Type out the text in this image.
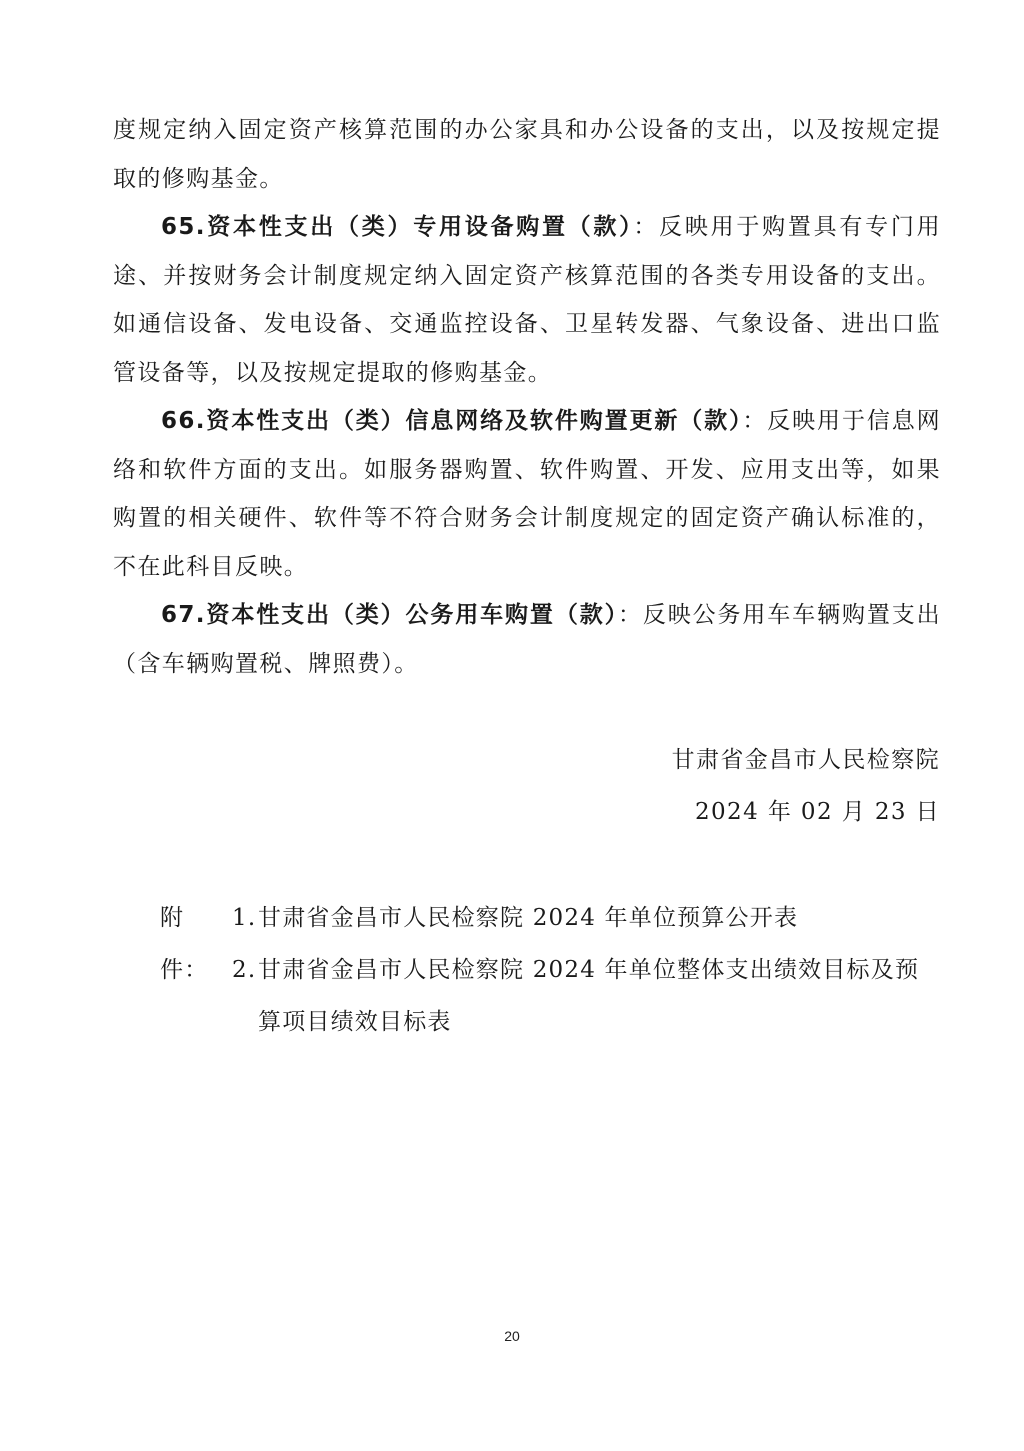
度规定纳入固定资产核算范围的办公家具和办公设备的支出，以及按规定提取的修购基金。

65.资本性支出（类）专用设备购置（款）：反映用于购置具有专门用途、并按财务会计制度规定纳入固定资产核算范围的各类专用设备的支出。如通信设备、发电设备、交通监控设备、卫星转发器、气象设备、进出口监管设备等，以及按规定提取的修购基金。

66.资本性支出（类）信息网络及软件购置更新（款）：反映用于信息网络和软件方面的支出。如服务器购置、软件购置、开发、应用支出等，如果购置的相关硬件、软件等不符合财务会计制度规定的固定资产确认标准的，不在此科目反映。

67.资本性支出（类）公务用车购置（款）：反映公务用车车辆购置支出（含车辆购置税、牌照费）。

甘肃省金昌市人民检察院
2024 年 02 月 23 日
附件：
1. 甘肃省金昌市人民检察院 2024 年单位预算公开表
2. 甘肃省金昌市人民检察院 2024 年单位整体支出绩效目标及预算项目绩效目标表
20
